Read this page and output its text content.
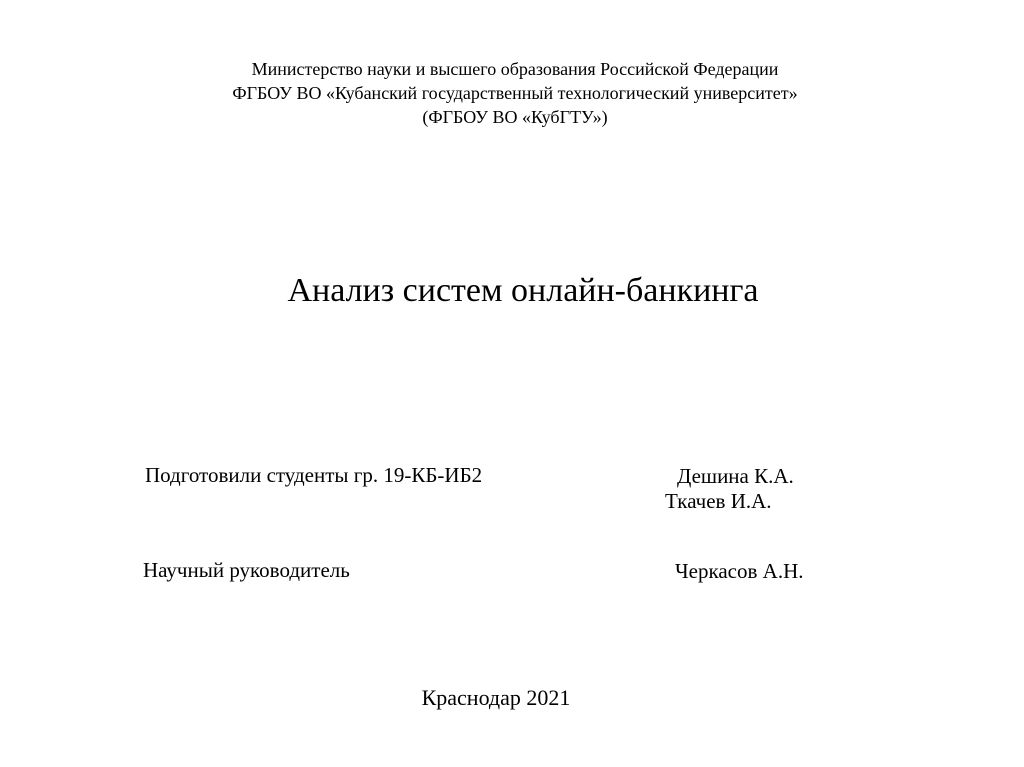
Министерство науки и высшего образования Российской Федерации
ФГБОУ ВО «Кубанский государственный технологический университет»
(ФГБОУ ВО «КубГТУ»)
Анализ систем онлайн-банкинга
Подготовили студенты гр. 19-КБ-ИБ2	Дешина К.А.
Ткачев И.А.
Научный руководитель	Черкасов А.Н.
Краснодар 2021
